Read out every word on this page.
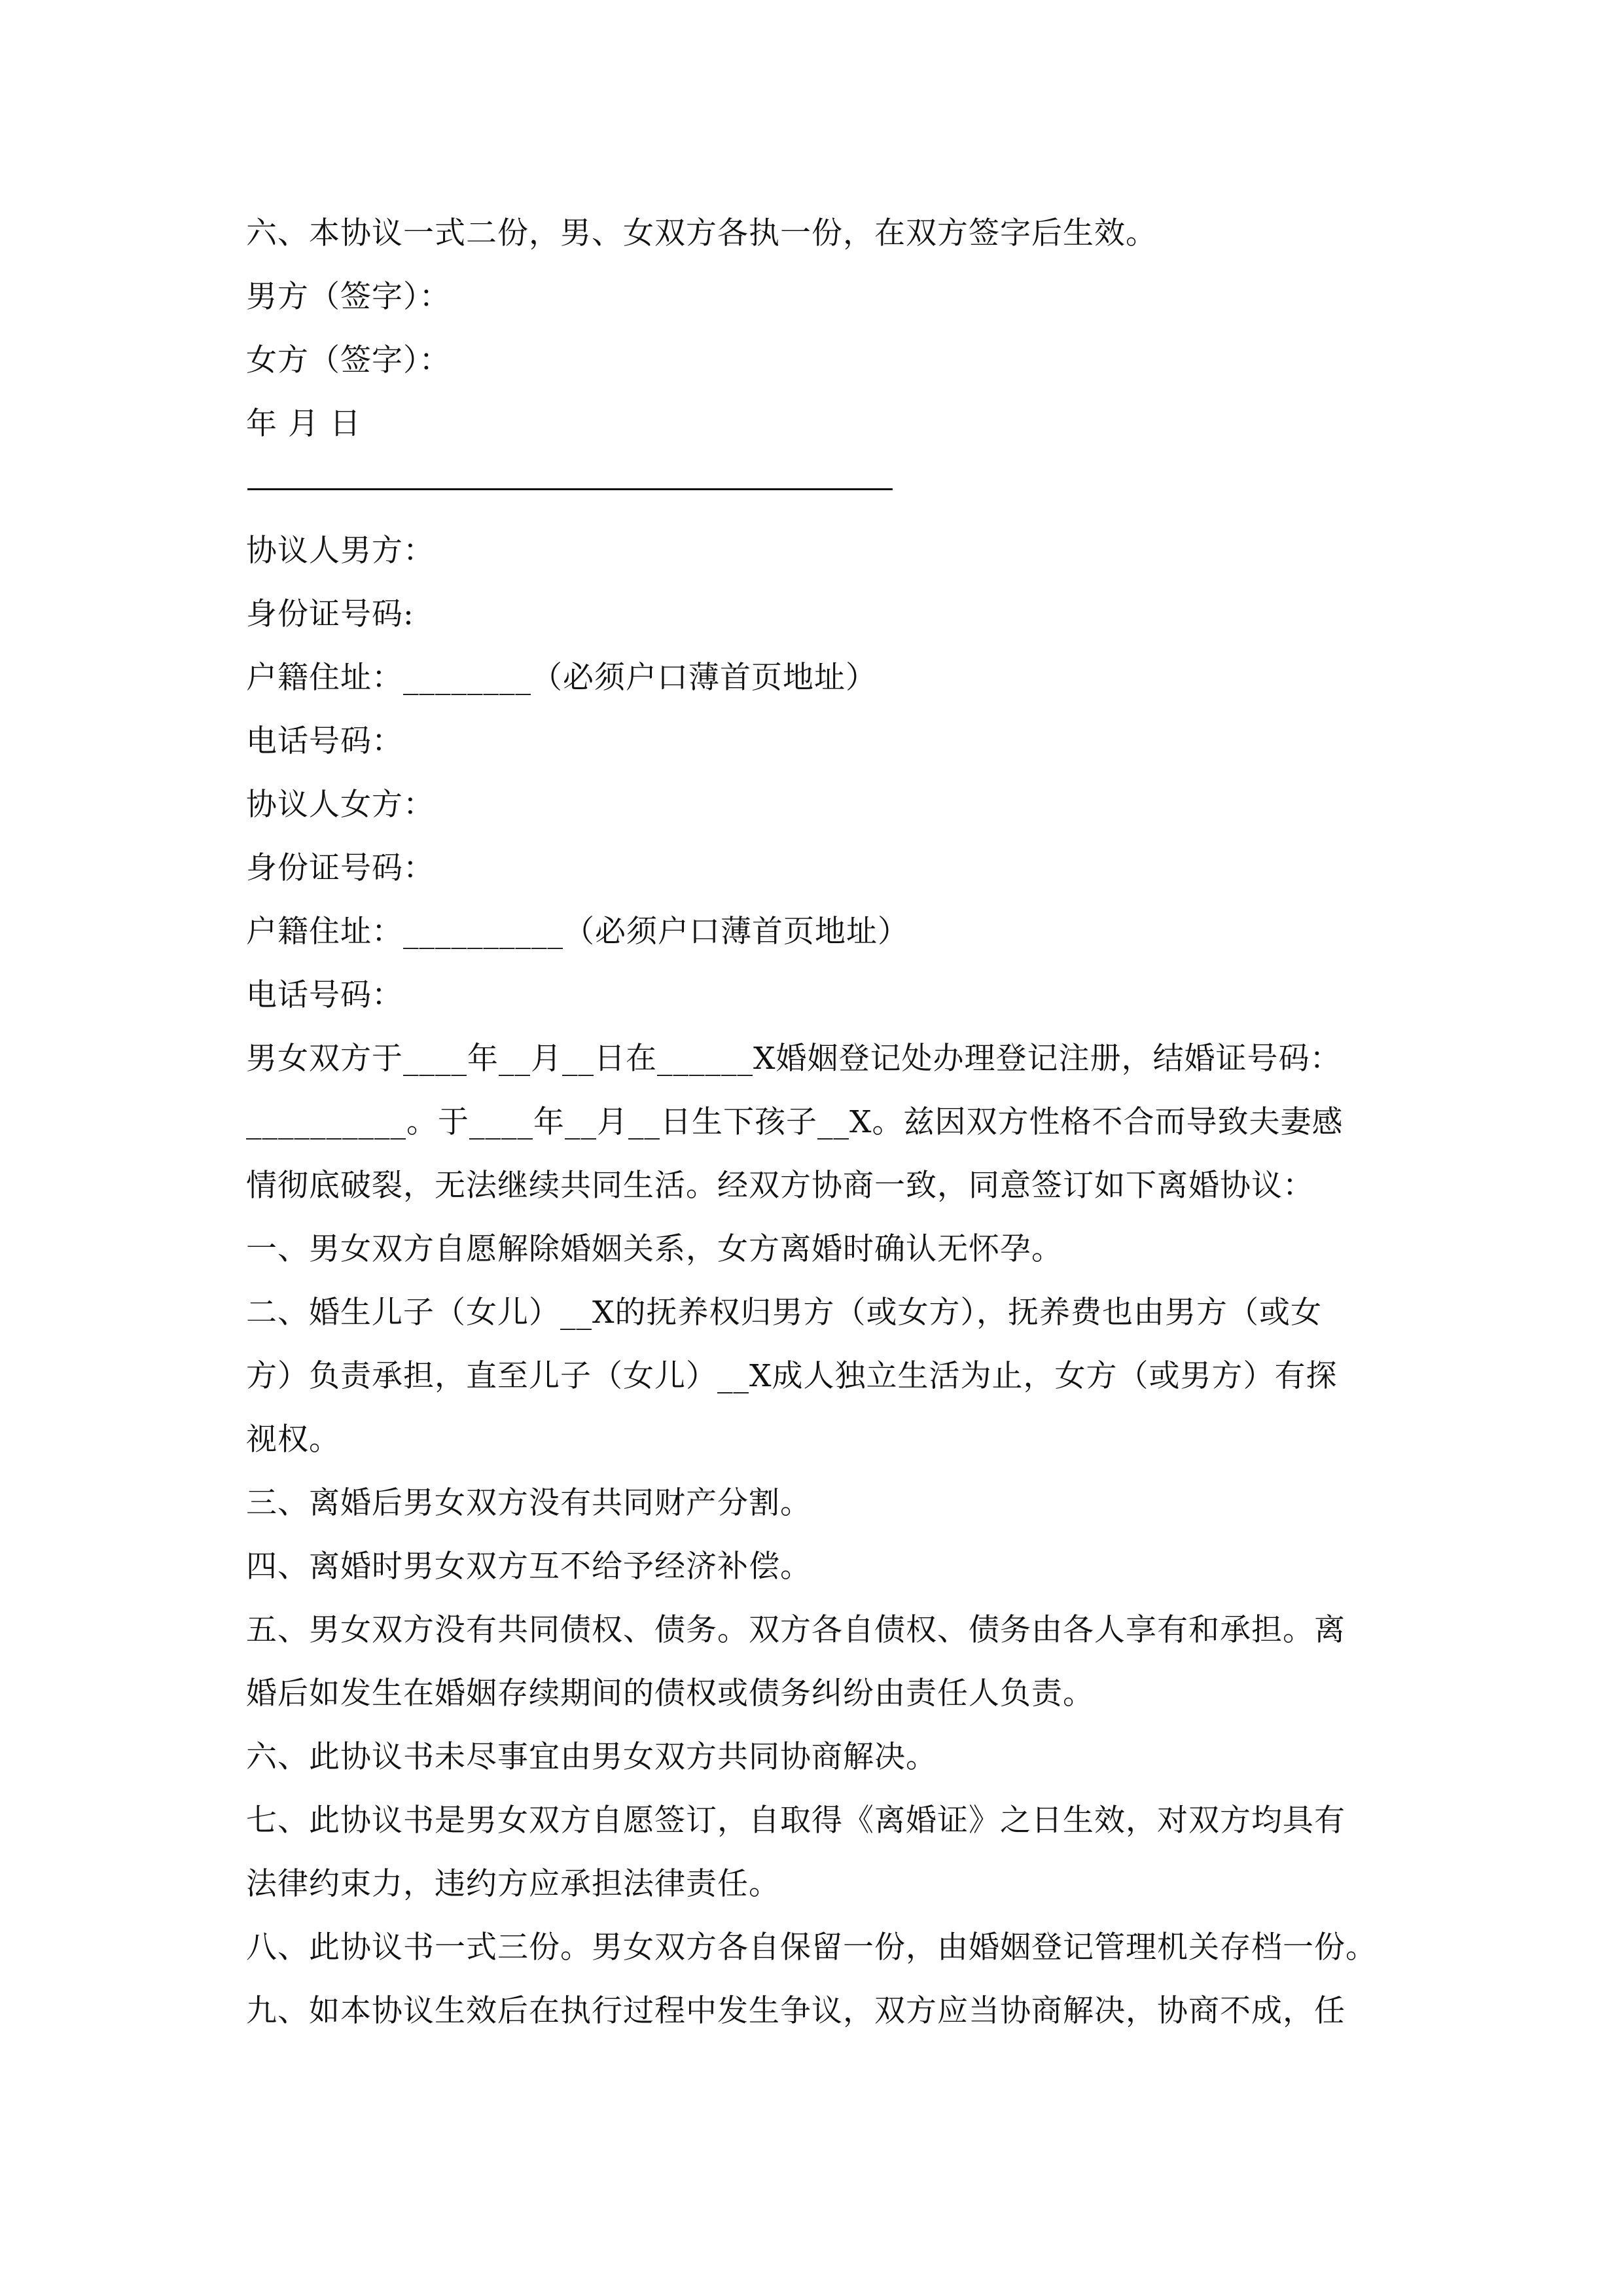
六、本协议一式二份，男、女双方各执一份，在双方签字后生效。
男方（签字）：
女方（签字）：
年 月 日
————————————————————————
协议人男方：
身份证号码:
户籍住址：________（必须户口薄首页地址）
电话号码：
协议人女方：
身份证号码：
户籍住址：__________（必须户口薄首页地址）
电话号码：
男女双方于____年__月__日在______X婚姻登记处办理登记注册，结婚证号码：
__________。于____年__月__日生下孩子__X。兹因双方性格不合而导致夫妻感
情彻底破裂，无法继续共同生活。经双方协商一致，同意签订如下离婚协议：
一、男女双方自愿解除婚姻关系，女方离婚时确认无怀孕。
二、婚生儿子（女儿）__X的抚养权归男方（或女方），抚养费也由男方（或女
方）负责承担，直至儿子（女儿）__X成人独立生活为止，女方（或男方）有探
视权。
三、离婚后男女双方没有共同财产分割。
四、离婚时男女双方互不给予经济补偿。
五、男女双方没有共同债权、债务。双方各自债权、债务由各人享有和承担。离
婚后如发生在婚姻存续期间的债权或债务纠纷由责任人负责。
六、此协议书未尽事宜由男女双方共同协商解决。
七、此协议书是男女双方自愿签订，自取得《离婚证》之日生效，对双方均具有
法律约束力，违约方应承担法律责任。
八、此协议书一式三份。男女双方各自保留一份，由婚姻登记管理机关存档一份。
九、如本协议生效后在执行过程中发生争议，双方应当协商解决，协商不成，任
